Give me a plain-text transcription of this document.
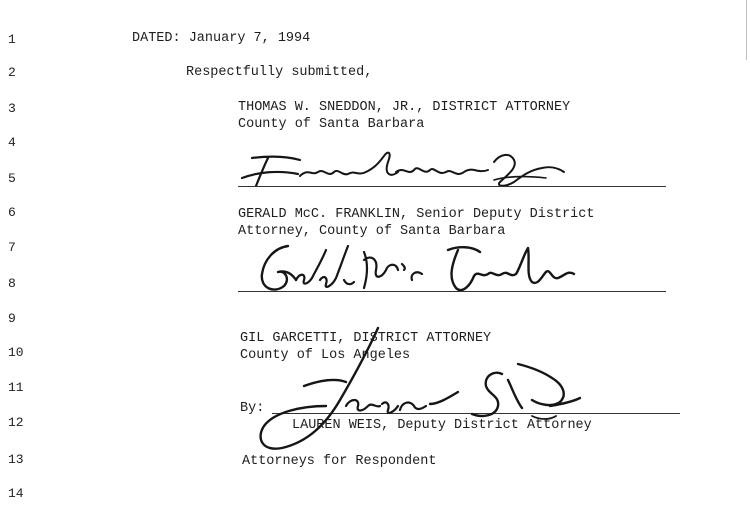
1
2
3
4
5
6
7
8
9
10
11
12
13
14
DATED: January 7, 1994
Respectfully submitted,
THOMAS W. SNEDDON, JR., DISTRICT ATTORNEY
County of Santa Barbara
GERALD McC. FRANKLIN, Senior Deputy District
Attorney, County of Santa Barbara
GIL GARCETTI, DISTRICT ATTORNEY
County of Los Angeles
By:
LAUREN WEIS, Deputy District Attorney
Attorneys for Respondent
